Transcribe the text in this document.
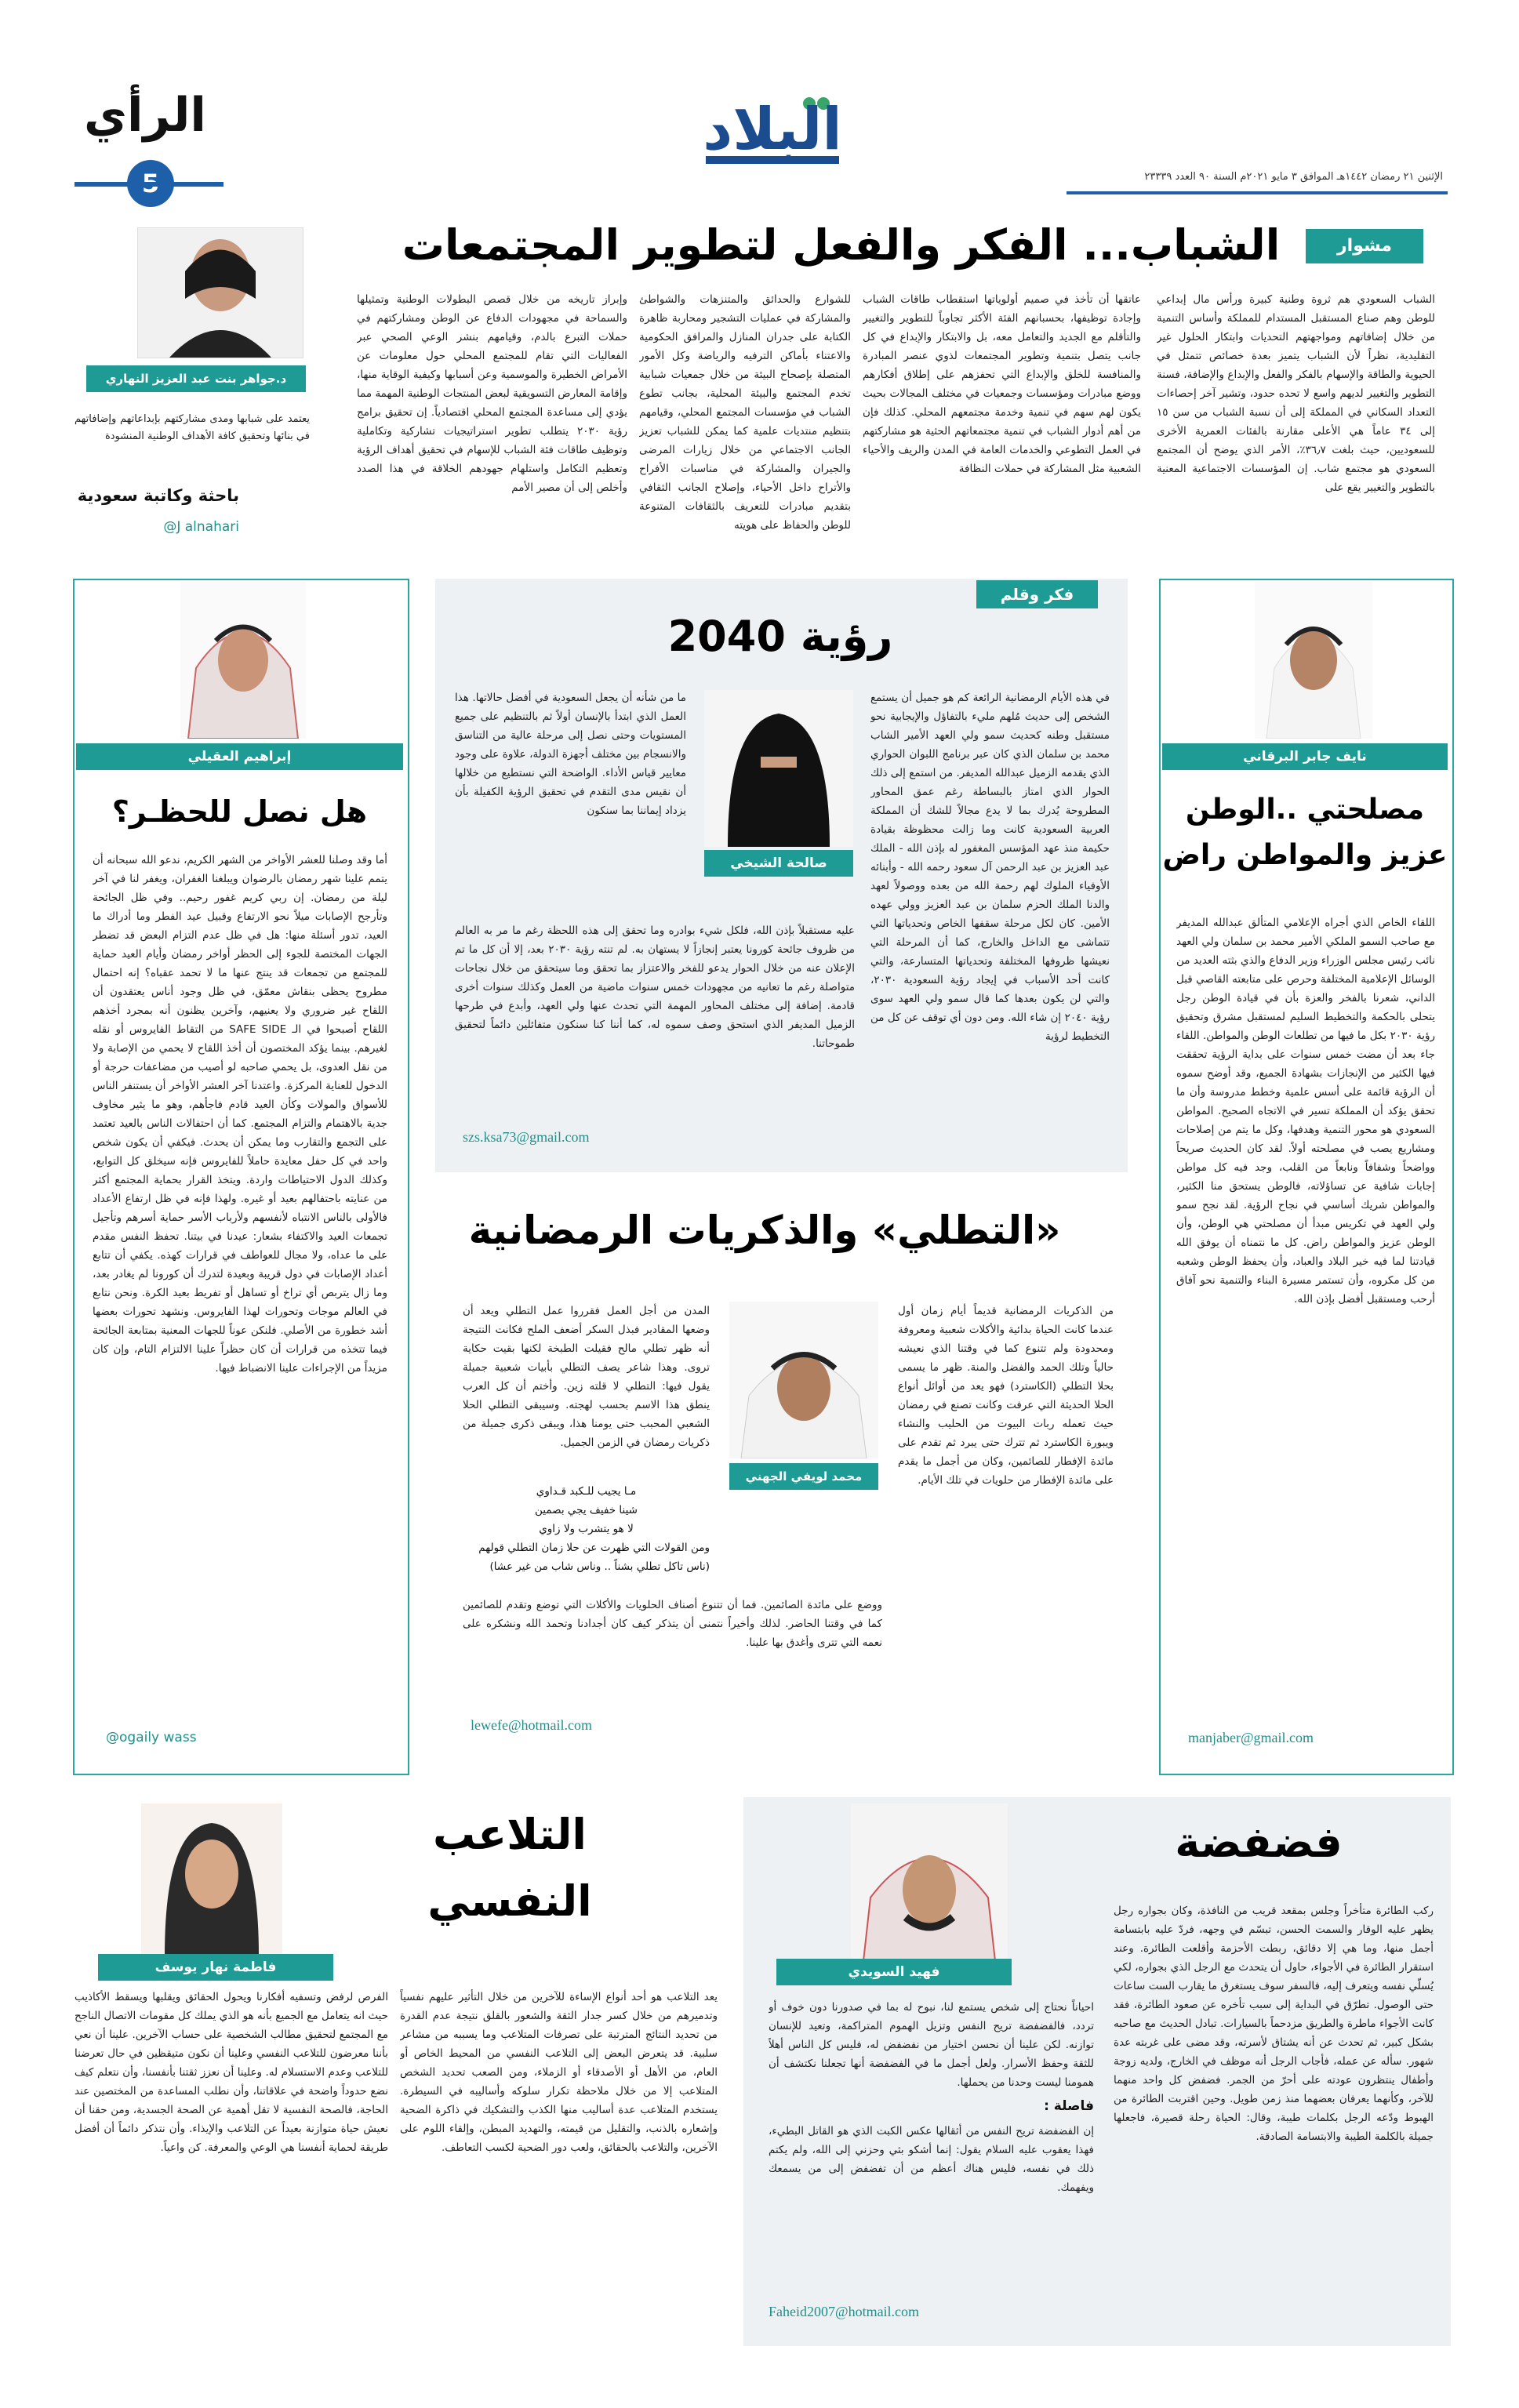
البلاد
الرأي
الإثنين ٢١ رمضان ١٤٤٢هـ الموافق ٣ مايو ٢٠٢١م السنة ٩٠ العدد ٢٣٣٣٩
مشوار
الشباب... الفكر والفعل لتطوير المجتمعات

الشباب السعودي هم ثروة وطنية كبيرة ورأس مال إبداعي للوطن وهم صناع المستقبل المستدام للمملكة وأساس التنمية من خلال إضافاتهم ومواجهتهم التحديات وابتكار الحلول غير التقليدية، نظراً لأن الشباب يتميز بعدة خصائص تتمثل في الحيوية والطاقة والإسهام بالفكر والفعل والإبداع والإضافة، فسنة التطوير والتغيير لديهم واسع لا تحده حدود، وتشير آخر إحصاءات التعداد السكاني في المملكة إلى أن نسبة الشباب من سن ١٥ إلى ٣٤ عاماً هي الأعلى مقارنة بالفئات العمرية الأخرى للسعوديين، حيث بلغت ٣٦٫٧٪، الأمر الذي يوضح أن المجتمع السعودي هو مجتمع شاب. إن المؤسسات الاجتماعية المعنية بالتطوير والتغيير يقع على

عاتقها أن تأخذ في صميم أولوياتها استقطاب طاقات الشباب وإجادة توظيفها، بحسبانهم الفئة الأكثر تجاوباً للتطوير والتغيير والتأقلم مع الجديد والتعامل معه، بل والابتكار والإبداع في كل جانب يتصل بتنمية وتطوير المجتمعات لذوي عنصر المبادرة والمنافسة للخلق والإبداع التي تحفزهم على إطلاق أفكارهم ووضع مبادرات ومؤسسات وجمعيات في مختلف المجالات بحيث يكون لهم سهم في تنمية وخدمة مجتمعهم المحلي. كذلك فإن من أهم أدوار الشباب في تنمية مجتمعاتهم الحثية هو مشاركتهم في العمل التطوعي والخدمات العامة في المدن والريف والأحياء الشعبية مثل المشاركة في حملات النظافة

للشوارع والحدائق والمتنزهات والشواطئ والمشاركة في عمليات التشجير ومحاربة ظاهرة الكتابة على جدران المنازل والمرافق الحكومية والاعتناء بأماكن الترفيه والرياضة وكل الأمور المتصلة بإصحاح البيئة من خلال جمعيات شبابية تخدم المجتمع والبيئة المحلية، بجانب تطوع الشباب في مؤسسات المجتمع المحلي، وقيامهم بتنظيم منتديات علمية كما يمكن للشباب تعزيز الجانب الاجتماعي من خلال زيارات المرضى والجيران والمشاركة في مناسبات الأفراح والأتراح داخل الأحياء، وإصلاح الجانب الثقافي بتقديم مبادرات للتعريف بالثقافات المتنوعة للوطن والحفاظ على هويته

وإبراز تاريخه من خلال قصص البطولات الوطنية وتمثيلها والسماحة في مجهودات الدفاع عن الوطن ومشاركتهم في حملات التبرع بالدم، وقيامهم بنشر الوعي الصحي عبر الفعاليات التي تقام للمجتمع المحلي حول معلومات عن الأمراض الخطيرة والموسمية وعن أسبابها وكيفية الوقاية منها، وإقامة المعارض التسويقية لبعض المنتجات الوطنية المهمة مما يؤدي إلى مساعدة المجتمع المحلي اقتصادياً. إن تحقيق برامج رؤية ٢٠٣٠ يتطلب تطوير استراتيجيات تشاركية وتكاملية وتوظيف طاقات فئة الشباب للإسهام في تحقيق أهداف الرؤية وتعظيم التكامل واستلهام جهودهم الخلاقة في هذا الصدد وأخلص إلى أن مصير الأمم

د.جواهر بنت عبد العزيز النهاري

يعتمد على شبابها ومدى مشاركتهم بإبداعاتهم وإضافاتهم في بنائها وتحقيق كافة الأهداف الوطنية المنشودة

باحثة وكاتبة سعودية
@J alnahari
نايف جابر البرقاني
مصلحتي ..الوطن
عزيز والمواطن راض

اللقاء الخاص الذي أجراه الإعلامي المتألق عبدالله المديفر مع صاحب السمو الملكي الأمير محمد بن سلمان ولي العهد نائب رئيس مجلس الوزراء وزير الدفاع والذي بثته العديد من الوسائل الإعلامية المختلفة وحرص على متابعته القاصي قبل الداني، شعرنا بالفخر والعزة بأن في قيادة الوطن رجل يتحلى بالحكمة والتخطيط السليم لمستقبل مشرق وتحقيق رؤية ٢٠٣٠ بكل ما فيها من تطلعات الوطن والمواطن. اللقاء جاء بعد أن مضت خمس سنوات على بداية الرؤية تحققت فيها الكثير من الإنجازات بشهادة الجميع، وقد أوضح سموه أن الرؤية قائمة على أسس علمية وخطط مدروسة وأن ما تحقق يؤكد أن المملكة تسير في الاتجاه الصحيح. المواطن السعودي هو محور التنمية وهدفها، وكل ما يتم من إصلاحات ومشاريع يصب في مصلحته أولاً. لقد كان الحديث صريحاً وواضحاً وشفافاً ونابعاً من القلب، وجد فيه كل مواطن إجابات شافية عن تساؤلاته، فالوطن يستحق منا الكثير، والمواطن شريك أساسي في نجاح الرؤية. لقد نجح سمو ولي العهد في تكريس مبدأ أن مصلحتي هي الوطن، وأن الوطن عزيز والمواطن راض. كل ما نتمناه أن يوفق الله قيادتنا لما فيه خير البلاد والعباد، وأن يحفظ الوطن وشعبه من كل مكروه، وأن تستمر مسيرة البناء والتنمية نحو آفاق أرحب ومستقبل أفضل بإذن الله.

manjaber@gmail.com
إبراهيم العقيلي
هل نصل للحظـر؟

أما وقد وصلنا للعشر الأواخر من الشهر الكريم، ندعو الله سبحانه أن يتمم علينا شهر رمضان بالرضوان ويبلغنا الغفران، ويغفر لنا في آخر ليلة من رمضان. إن ربي كريم غفور رحيم.. وفي ظل الجائحة وتأرجح الإصابات ميلاً نحو الارتفاع وقبيل عيد الفطر وما أدراك ما العيد، تدور أسئلة منها: هل في ظل عدم التزام البعض قد تضطر الجهات المختصة للجوء إلى الحظر أواخر رمضان وأيام العيد حماية للمجتمع من تجمعات قد ينتج عنها ما لا تحمد عقباه؟ إنه احتمال مطروح يحظى بنقاش معمّق، في ظل وجود أناس يعتقدون أن اللقاح غير ضروري ولا يعنيهم، وآخرين يظنون أنه بمجرد أخذهم اللقاح أصبحوا في الـ SAFE SIDE من التقاط الفايروس أو نقله لغيرهم. بينما يؤكد المختصون أن أخذ اللقاح لا يحمي من الإصابة ولا من نقل العدوى، بل يحمي صاحبه لو أصيب من مضاعفات حرجة أو الدخول للعناية المركزة. واعتدنا آخر العشر الأواخر أن يستنفر الناس للأسواق والمولات وكأن العيد قادم فاجأهم، وهو ما يثير مخاوف جدية بالاهتمام والتزام المجتمع. كما أن احتفالات الناس بالعيد تعتمد على التجمع والتقارب وما يمكن أن يحدث. فيكفي أن يكون شخص واحد في كل حفل معايدة حاملاً للفايروس فإنه سيخلق كل التوابع، وكذلك الدول الاحتياطات واردة. ويتخذ القرار بحماية المجتمع أكثر من عنايته باحتفالهم بعيد أو غيره. ولهذا فإنه في ظل ارتفاع الأعداد فالأولى بالناس الانتباه لأنفسهم ولأرباب الأسر حماية أسرهم وتأجيل تجمعات العيد والاكتفاء بشعار: عيدنا في بيتنا. تحفظ النفس مقدم على ما عداه، ولا مجال للعواطف في قرارات كهذه. يكفي أن تتابع أعداد الإصابات في دول قريبة وبعيدة لتدرك أن كورونا لم يغادر بعد، وما زال يتربص أي تراخ أو تساهل أو تفريط بعيد الكرة. ونحن نتابع في العالم موجات وتحورات لهذا الفايروس. ونشهد تحورات بعضها أشد خطورة من الأصلي. فلنكن عوناً للجهات المعنية بمتابعة الجائحة فيما تتخذه من قرارات أن كان حظراً علينا الالتزام التام، وإن كان مزيداً من الإجراءات علينا الانضباط فيها.

@ogaily wass
فكر وقلم
رؤية 2040
صالحة الشيخي

في هذه الأيام الرمضانية الرائعة كم هو جميل أن يستمع الشخص إلى حديث مُلهم مليء بالتفاؤل والإيجابية نحو مستقبل وطنه كحديث سمو ولي العهد الأمير الشاب محمد بن سلمان الذي كان عبر برنامج اللبوان الحواري الذي يقدمه الزميل عبدالله المديفر. من استمع إلى ذلك الحوار الذي امتاز بالبساطة رغم عمق المحاور المطروحة يُدرك بما لا يدع مجالاً للشك أن المملكة العربية السعودية كانت وما زالت محظوظة بقيادة حكيمة منذ عهد المؤسس المغفور له بإذن الله - الملك عبد العزيز بن عبد الرحمن آل سعود رحمه الله - وأبنائه الأوفياء الملوك لهم رحمة الله من بعده ووصولاً لعهد والدنا الملك الحزم سلمان بن عبد العزيز وولي عهده الأمين. كان لكل مرحلة سقفها الخاص وتحدياتها التي تتماشى مع الداخل والخارج، كما أن المرحلة التي نعيشها ظروفها المختلفة وتحدياتها المتسارعة، والتي كانت أحد الأسباب في إيجاد رؤية السعودية ٢٠٣٠، والتي لن يكون بعدها كما قال سمو ولي العهد سوى رؤية ٢٠٤٠ إن شاء الله. ومن دون أي توقف عن كل من التخطيط لرؤية

ما من شأنه أن يجعل السعودية في أفضل حالاتها. هذا العمل الذي ابتدأ بالإنسان أولاً ثم بالتنظيم على جميع المستويات وحتى نصل إلى مرحلة عالية من التناسق والانسجام بين مختلف أجهزة الدولة، علاوة على وجود معايير قياس الأداء. الواضحة التي نستطيع من خلالها أن نقيس مدى التقدم في تحقيق الرؤية الكفيلة بأن يزداد إيماننا بما سنكون

عليه مستقبلاً بإذن الله، فلكل شيء بوادره وما تحقق إلى هذه اللحظة رغم ما مر به العالم من ظروف جائحة كورونا يعتبر إنجازاً لا يستهان به. لم تنته رؤية ٢٠٣٠ بعد، إلا أن كل ما تم الإعلان عنه من خلال الحوار يدعو للفخر والاعتزاز بما تحقق وما سيتحقق من خلال نجاحات متواصلة رغم ما تعانيه من مجهودات خمس سنوات ماضية من العمل وكذلك سنوات أخرى قادمة. إضافة إلى مختلف المحاور المهمة التي تحدث عنها ولي العهد، وأبدع في طرحها الزميل المديفر الذي استحق وصف سموه له، كما أننا كنا سنكون متفائلين دائماً لتحقيق طموحاتنا.

szs.ksa73@gmail.com
«التطلي» والذكريات الرمضانية
محمد لويفي الجهني

من الذكريات الرمضانية قديماً أيام زمان أول عندما كانت الحياة بدائية والأكلات شعبية ومعروفة ومحدودة ولم تتنوع كما في وقتنا الذي نعيشه حالياً وتلك الحمد والفضل والمنة. ظهر ما يسمى بحلا التطلي (الكاسترد) فهو يعد من أوائل أنواع الحلا الحديثة التي عرفت وكانت تصنع في رمضان حيث تعمله ربات البيوت من الحليب والنشاء ويبورة الكاسترد ثم تترك حتى يبرد ثم تقدم على مائدة الإفطار للصائمين، وكان من أجمل ما يقدم على مائدة الإفطار من حلويات في تلك الأيام.

المدن من أجل العمل فقرروا عمل التطلي ويعد أن وضعها المقادير فبذل السكر أضعف الملح فكانت النتيجة أنه ظهر تطلي مالح فقيلت الطبخة لكنها بقيت حكاية تروى. وهذا شاعر يصف التطلي بأبيات شعبية جميلة يقول فيها: التطلي لا قلته زين. وأختم أن كل العرب ينطق هذا الاسم بحسب لهجته. وسيبقى التطلي الحلا الشعبي المحبب حتى يومنا هذا، ويبقى ذكرى جميلة من ذكريات رمضان في الزمن الجميل.

مـا يجيب للـكبد قـداوي
شينا خفيف يجي بصمين
لا هو يتشرب ولا زاوي
ومن القولات التي ظهرت عن حلا زمان التطلي قولهم
(ناس تاكل تطلي بشناً .. وناس شاب من غير عشا)

ووضع على مائدة الصائمين. فما أن تتنوع أصناف الحلويات والأكلات التي توضع وتقدم للصائمين كما في وقتنا الحاضر. لذلك وأخيراً نتمنى أن يتذكر كيف كان أجدادنا وتحمد الله ونشكره على نعمه التي تترى وأغدق بها علينا.

lewefe@hotmail.com
فضفضة
فهيد السويدي

ركب الطائرة متأخراً وجلس بمقعد قريب من النافذة، وكان بجواره رجل يظهر عليه الوقار والسمت الحسن، تبسّم في وجهه، فردّ عليه بابتسامة أجمل منها، وما هي إلا دقائق، ربطت الأحزمة وأقلعت الطائرة. وعند استقرار الطائرة في الأجواء، حاول أن يتحدث مع الرجل الذي بجواره، لكي يُسلّي نفسه ويتعرف إليه، فالسفر سوف يستغرق ما يقارب الست ساعات حتى الوصول. تطرّق في البداية إلى سبب تأخره عن صعود الطائرة، فقد كانت الأجواء ماطرة والطريق مزدحماً بالسيارات. تبادل الحديث مع صاحبه بشكل كبير، ثم تحدث عن أنه يشتاق لأسرته، وقد مضى على غربته عدة شهور. سأله عن عمله، فأجاب الرجل أنه موظف في الخارج، ولديه زوجة وأطفال ينتظرون عودته على أحرّ من الجمر. فضفض كل واحد منهما للآخر، وكأنهما يعرفان بعضهما منذ زمن طويل. وحين اقتربت الطائرة من الهبوط ودّعه الرجل بكلمات طيبة، وقال: الحياة رحلة قصيرة، فاجعلها جميلة بالكلمة الطيبة والابتسامة الصادقة.

احياناً نحتاج إلى شخص يستمع لنا، نبوح له بما في صدورنا دون خوف أو تردد، فالفضفضة تريح النفس وتزيل الهموم المتراكمة، وتعيد للإنسان توازنه. لكن علينا أن نحسن اختيار من نفضفض له، فليس كل الناس أهلاً للثقة وحفظ الأسرار. ولعل أجمل ما في الفضفضة أنها تجعلنا نكتشف أن همومنا ليست وحدنا من يحملها.

فاصلة :

إن الفضفضة تريح النفس من أثقالها عكس الكبت الذي هو القاتل البطيء، فهذا يعقوب عليه السلام يقول: إنما أشكو بثي وحزني إلى الله، ولم يكتم ذلك في نفسه، فليس هناك أعظم من أن تفضفض إلى من يسمعك ويفهمك.

Faheid2007@hotmail.com
التلاعب
النفسي
فاطمة نهار يوسف

يعد التلاعب هو أحد أنواع الإساءة للآخرين من خلال التأثير عليهم نفسياً وتدميرهم من خلال كسر جدار الثقة والشعور بالقلق نتيجة عدم القدرة من تحديد النتائج المترتبة على تصرفات المتلاعب وما يسببه من مشاعر سلبية. قد يتعرض البعض إلى التلاعب النفسي من المحيط الخاص أو العام، من الأهل أو الأصدقاء أو الزملاء، ومن الصعب تحديد الشخص المتلاعب إلا من خلال ملاحظة تكرار سلوكه وأساليبه في السيطرة. يستخدم المتلاعب عدة أساليب منها الكذب والتشكيك في ذاكرة الضحية وإشعاره بالذنب، والتقليل من قيمته، والتهديد المبطن، وإلقاء اللوم على الآخرين، والتلاعب بالحقائق، ولعب دور الضحية لكسب التعاطف.

الفرص لرفض وتسفيه أفكارنا ويحول الحقائق ويقلبها ويسقط الأكاذيب حيث انه يتعامل مع الجميع بأنه هو الذي يملك كل مقومات الاتصال الناجح مع المجتمع لتحقيق مطالب الشخصية على حساب الآخرين. علينا أن نعي بأننا معرضون للتلاعب النفسي وعلينا أن نكون متيقظين في حال تعرضنا للتلاعب وعدم الاستسلام له. وعلينا أن نعزز ثقتنا بأنفسنا، وأن نتعلم كيف نضع حدوداً واضحة في علاقاتنا، وأن نطلب المساعدة من المختصين عند الحاجة، فالصحة النفسية لا تقل أهمية عن الصحة الجسدية، ومن حقنا أن نعيش حياة متوازنة بعيداً عن التلاعب والإيذاء. وأن نتذكر دائماً أن أفضل طريقة لحماية أنفسنا هي الوعي والمعرفة. كن واعياً.
